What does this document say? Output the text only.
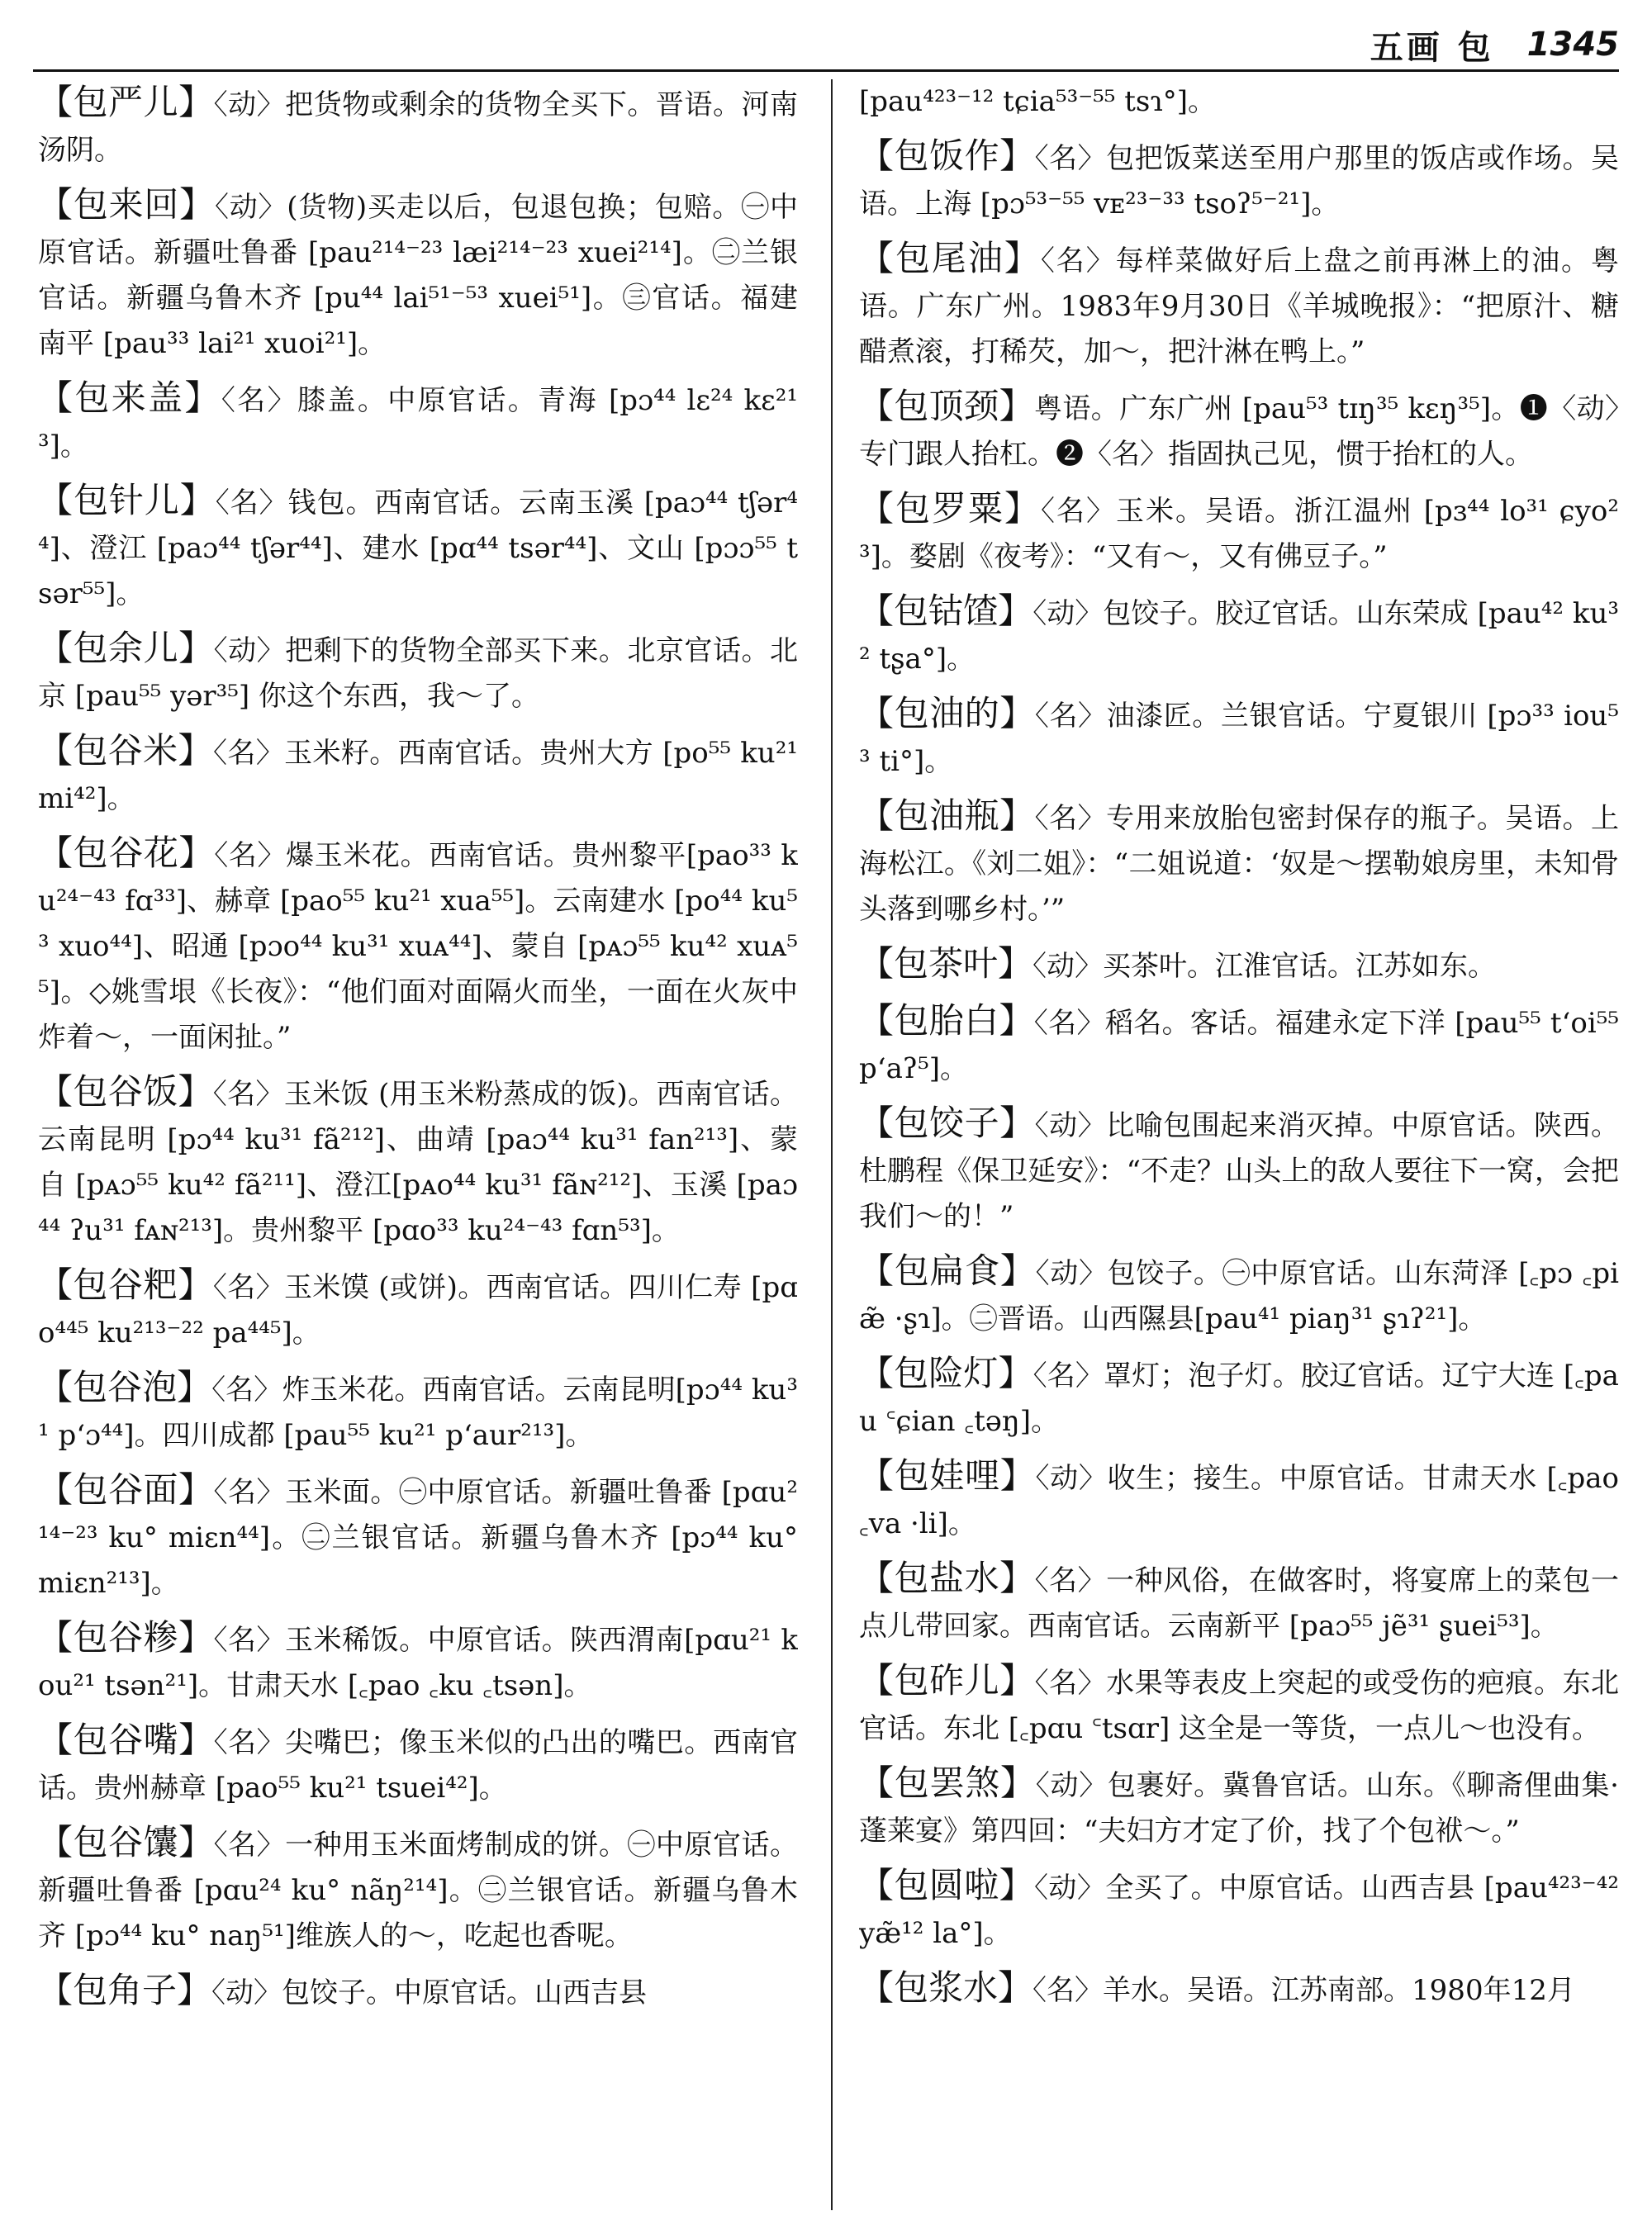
五画 包 1345

【 包严儿 】 〈动〉把货物或剩余的货物全买下。晋语。河南汤阴。

【 包来回 】 〈动〉(货物)买走以后，包退包换；包赔。㊀中原官话。新疆吐鲁番 [pau²¹⁴⁻²³ læi²¹⁴⁻²³ xuei²¹⁴]。㊁兰银官话。新疆乌鲁木齐 [pu⁴⁴ lai⁵¹⁻⁵³ xuei⁵¹]。㊂官话。福建南平 [pau³³ lai²¹ xuoi²¹]。

【 包来盖 】 〈名〉膝盖。中原官话。青海 [pɔ⁴⁴ lɛ²⁴ kɛ²¹³]。

【 包针儿 】 〈名〉钱包。西南官话。云南玉溪 [paɔ⁴⁴ tʃər⁴⁴]、澄江 [paɔ⁴⁴ tʃər⁴⁴]、建水 [pɑ⁴⁴ tsər⁴⁴]、文山 [pɔɔ⁵⁵ tsər⁵⁵]。

【 包余儿 】 〈动〉把剩下的货物全部买下来。北京官话。北京 [pau⁵⁵ yər³⁵] 你这个东西，我～了。

【 包谷米 】 〈名〉玉米籽。西南官话。贵州大方 [po⁵⁵ ku²¹ mi⁴²]。

【 包谷花 】 〈名〉爆玉米花。西南官话。贵州黎平[pao³³ ku²⁴⁻⁴³ fɑ³³]、赫章 [pao⁵⁵ ku²¹ xua⁵⁵]。云南建水 [po⁴⁴ ku⁵³ xuo⁴⁴]、昭通 [pɔo⁴⁴ ku³¹ xuᴀ⁴⁴]、蒙自 [pᴀɔ⁵⁵ ku⁴² xuᴀ⁵⁵]。◇姚雪垠《长夜》：“他们面对面隔火而坐，一面在火灰中炸着～，一面闲扯。”

【 包谷饭 】 〈名〉玉米饭 (用玉米粉蒸成的饭)。西南官话。云南昆明 [pɔ⁴⁴ ku³¹ fã²¹²]、曲靖 [paɔ⁴⁴ ku³¹ fan²¹³]、蒙自 [pᴀɔ⁵⁵ ku⁴² fã²¹¹]、澄江[pᴀo⁴⁴ ku³¹ fãɴ²¹²]、玉溪 [paɔ⁴⁴ ʔu³¹ fᴀɴ²¹³]。贵州黎平 [pɑo³³ ku²⁴⁻⁴³ fɑn⁵³]。

【 包谷粑 】 〈名〉玉米馍 (或饼)。西南官话。四川仁寿 [pɑo⁴⁴⁵ ku²¹³⁻²² pa⁴⁴⁵]。

【 包谷泡 】 〈名〉炸玉米花。西南官话。云南昆明[pɔ⁴⁴ ku³¹ p‘ɔ⁴⁴]。四川成都 [pau⁵⁵ ku²¹ p‘aur²¹³]。

【 包谷面 】 〈名〉玉米面。㊀中原官话。新疆吐鲁番 [pɑu²¹⁴⁻²³ ku° miɛn⁴⁴]。㊁兰银官话。新疆乌鲁木齐 [pɔ⁴⁴ ku° miɛn²¹³]。

【 包谷糁 】 〈名〉玉米稀饭。中原官话。陕西渭南[pɑu²¹ kou²¹ tsən²¹]。甘肃天水 [꜀pao ꜀ku ꜀tsən]。

【 包谷嘴 】 〈名〉尖嘴巴；像玉米似的凸出的嘴巴。西南官话。贵州赫章 [pao⁵⁵ ku²¹ tsuei⁴²]。

【 包谷馕 】 〈名〉一种用玉米面烤制成的饼。㊀中原官话。新疆吐鲁番 [pɑu²⁴ ku° nãŋ²¹⁴]。㊁兰银官话。新疆乌鲁木齐 [pɔ⁴⁴ ku° naŋ⁵¹]维族人的～，吃起也香呢。

【 包角子 】 〈动〉包饺子。中原官话。山西吉县

[pau⁴²³⁻¹² tɕia⁵³⁻⁵⁵ tsɿ°]。

【 包饭作 】 〈名〉包把饭菜送至用户那里的饭店或作场。吴语。上海 [pɔ⁵³⁻⁵⁵ vᴇ²³⁻³³ tsoʔ⁵⁻²¹]。

【 包尾油 】 〈名〉每样菜做好后上盘之前再淋上的油。粤语。广东广州。1983年9月30日《羊城晚报》：“把原汁、糖醋煮滚，打稀芡，加～，把汁淋在鸭上。”

【 包顶颈 】 粤语。广东广州 [pau⁵³ tɪŋ³⁵ kɛŋ³⁵]。❶〈动〉专门跟人抬杠。❷〈名〉指固执己见，惯于抬杠的人。

【 包罗粟 】 〈名〉玉米。吴语。浙江温州 [pɜ⁴⁴ lo³¹ ɕyo²³]。婺剧《夜考》：“又有～，又有佛豆子。”

【 包钴馇 】 〈动〉包饺子。胶辽官话。山东荣成 [pau⁴² ku³² tʂa°]。

【 包油的 】 〈名〉油漆匠。兰银官话。宁夏银川 [pɔ³³ iou⁵³ ti°]。

【 包油瓶 】 〈名〉专用来放胎包密封保存的瓶子。吴语。上海松江。《刘二姐》：“二姐说道：‘奴是～摆勒娘房里，未知骨头落到哪乡村。’”

【 包茶叶 】 〈动〉买茶叶。江淮官话。江苏如东。

【 包胎白 】 〈名〉稻名。客话。福建永定下洋 [pau⁵⁵ t‘oi⁵⁵ p‘aʔ⁵]。

【 包饺子 】 〈动〉比喻包围起来消灭掉。中原官话。陕西。杜鹏程《保卫延安》：“不走？山头上的敌人要往下一窝，会把我们～的！”

【 包扁食 】 〈动〉包饺子。㊀中原官话。山东菏泽 [꜀pɔ ꜀piæ̃ ·ʂɿ]。㊁晋语。山西隰县[pau⁴¹ piaŋ³¹ ʂɿʔ²¹]。

【 包险灯 】 〈名〉罩灯；泡子灯。胶辽官话。辽宁大连 [꜀pau ꜂ɕian ꜀təŋ]。

【 包娃哩 】 〈动〉收生；接生。中原官话。甘肃天水 [꜀pao ꜀va ·li]。

【 包盐水 】 〈名〉一种风俗，在做客时，将宴席上的菜包一点儿带回家。西南官话。云南新平 [paɔ⁵⁵ jẽ³¹ ʂuei⁵³]。

【 包砟儿 】 〈名〉水果等表皮上突起的或受伤的疤痕。东北官话。东北 [꜀pɑu ꜂tsɑr] 这全是一等货，一点儿～也没有。

【 包罢煞 】 〈动〉包裹好。冀鲁官话。山东。《聊斋俚曲集·蓬莱宴》第四回：“夫妇方才定了价，找了个包袱～。”

【 包圆啦 】 〈动〉全买了。中原官话。山西吉县 [pau⁴²³⁻⁴² yæ̃¹² la°]。

【 包浆水 】 〈名〉羊水。吴语。江苏南部。1980年12月
